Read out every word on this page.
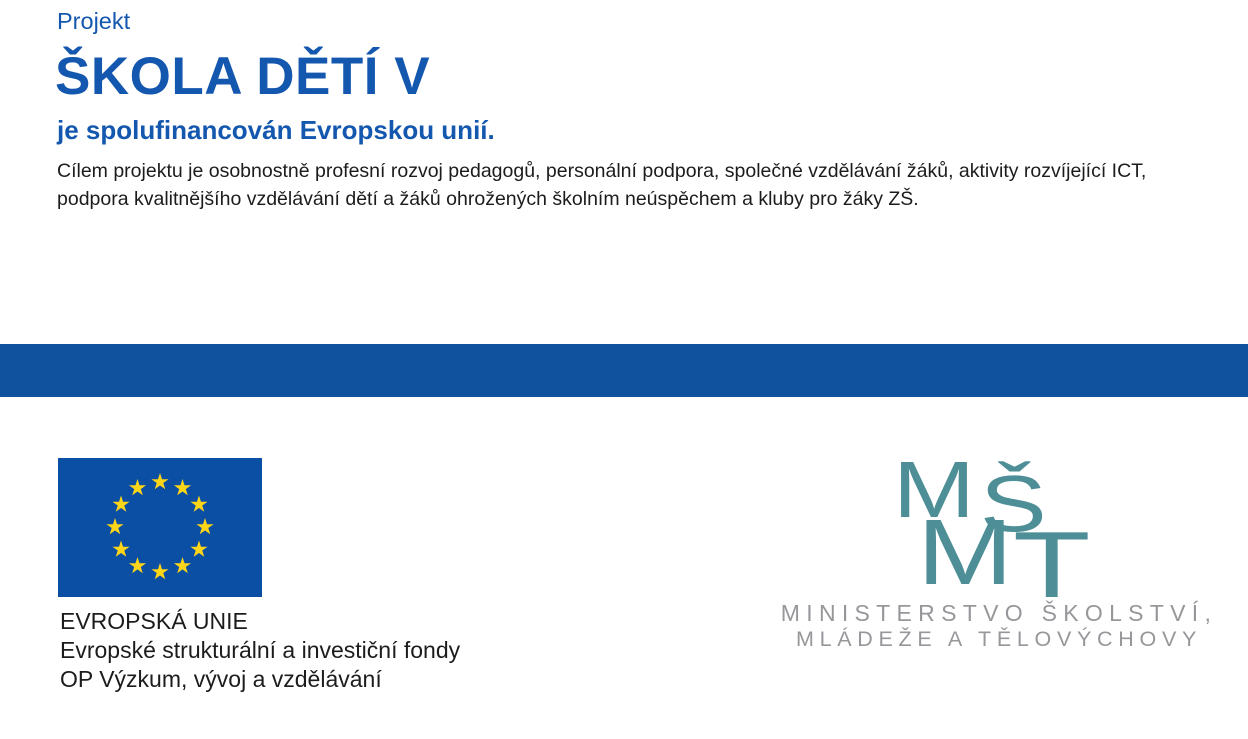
Projekt
ŠKOLA DĚTÍ V
je spolufinancován Evropskou unií.
Cílem projektu je osobnostně profesní rozvoj pedagogů, personální podpora, společné vzdělávání žáků, aktivity rozvíjející ICT, podpora kvalitnějšího vzdělávání dětí a žáků ohrožených školním neúspěchem a kluby pro žáky ZŠ.
EVROPSKÁ UNIE
Evropské strukturální a investiční fondy
OP Výzkum, vývoj a vzdělávání
M Š
M T
MINISTERSTVO ŠKOLSTVÍ,
MLÁDEŽE A TĚLOVÝCHOVY
